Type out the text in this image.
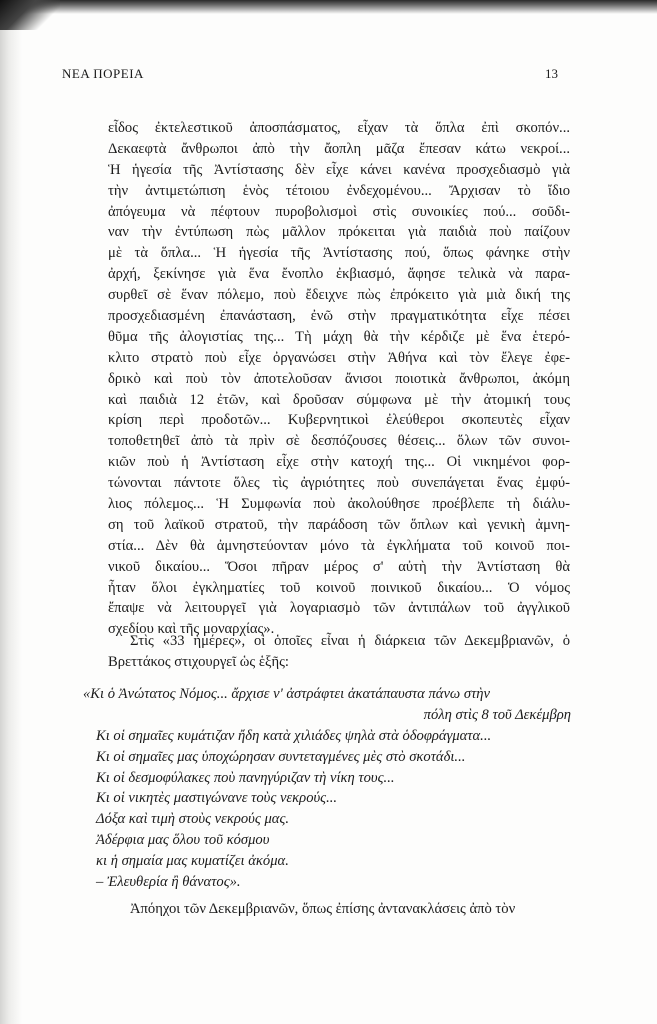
ΝΕΑ ΠΟΡΕΙΑ	13
εἶδος ἐκτελεστικοῦ ἀποσπάσματος, εἶχαν τὰ ὅπλα ἐπὶ σκοπόν...
Δεκαεφτὰ ἄνθρωποι ἀπὸ τὴν ἄοπλη μᾶζα ἔπεσαν κάτω νεκροί...
Ἡ ἡγεσία τῆς Ἀντίστασης δὲν εἶχε κάνει κανένα προσχεδιασμὸ γιὰ
τὴν ἀντιμετώπιση ἑνὸς τέτοιου ἐνδεχομένου... Ἄρχισαν τὸ ἴδιο
ἀπόγευμα νὰ πέφτουν πυροβολισμοὶ στὶς συνοικίες πού... σοῦδι-
ναν τὴν ἐντύπωση πὼς μᾶλλον πρόκειται γιὰ παιδιὰ ποὺ παίζουν
μὲ τὰ ὅπλα... Ἡ ἡγεσία τῆς Ἀντίστασης πού, ὅπως φάνηκε στὴν
ἀρχή, ξεκίνησε γιὰ ἕνα ἔνοπλο ἐκβιασμό, ἄφησε τελικὰ νὰ παρα-
συρθεῖ σὲ ἕναν πόλεμο, ποὺ ἔδειχνε πὼς ἐπρόκειτο γιὰ μιὰ δική της
προσχεδιασμένη ἐπανάσταση, ἐνῶ στὴν πραγματικότητα εἶχε πέσει
θῦμα τῆς ἀλογιστίας της... Τὴ μάχη θὰ τὴν κέρδιζε μὲ ἕνα ἑτερό-
κλιτο στρατὸ ποὺ εἶχε ὀργανώσει στὴν Ἀθήνα καὶ τὸν ἔλεγε ἐφε-
δρικὸ καὶ ποὺ τὸν ἀποτελοῦσαν ἄνισοι ποιοτικὰ ἄνθρωποι, ἀκόμη
καὶ παιδιὰ 12 ἐτῶν, καὶ δροῦσαν σύμφωνα μὲ τὴν ἀτομική τους
κρίση περὶ προδοτῶν... Κυβερνητικοὶ ἐλεύθεροι σκοπευτὲς εἶχαν
τοποθετηθεῖ ἀπὸ τὰ πρὶν σὲ δεσπόζουσες θέσεις... ὅλων τῶν συνοι-
κιῶν ποὺ ἡ Ἀντίσταση εἶχε στὴν κατοχή της... Οἱ νικημένοι φορ-
τώνονται πάντοτε ὅλες τὶς ἀγριότητες ποὺ συνεπάγεται ἕνας ἐμφύ-
λιος πόλεμος... Ἡ Συμφωνία ποὺ ἀκολούθησε προέβλεπε τὴ διάλυ-
ση τοῦ λαϊκοῦ στρατοῦ, τὴν παράδοση τῶν ὅπλων καὶ γενικὴ ἀμνη-
στία... Δὲν θὰ ἀμνηστεύονταν μόνο τὰ ἐγκλήματα τοῦ κοινοῦ ποι-
νικοῦ δικαίου... Ὅσοι πῆραν μέρος σ' αὐτὴ τὴν Ἀντίσταση θὰ
ἦταν ὅλοι ἐγκληματίες τοῦ κοινοῦ ποινικοῦ δικαίου... Ὁ νόμος
ἔπαψε νὰ λειτουργεῖ γιὰ λογαριασμὸ τῶν ἀντιπάλων τοῦ ἀγγλικοῦ
σχεδίου καὶ τῆς μοναρχίας».
Στὶς «33 ἡμέρες», οἱ ὁποῖες εἶναι ἡ διάρκεια τῶν Δεκεμβριανῶν, ὁ
Βρεττάκος στιχουργεῖ ὡς ἑξῆς:
«Κι ὁ Ἀνώτατος Νόμος... ἄρχισε ν' ἀστράφτει ἀκατάπαυστα πάνω στὴν
πόλη στὶς 8 τοῦ Δεκέμβρη
Κι οἱ σημαῖες κυμάτιζαν ἤδη κατὰ χιλιάδες ψηλὰ στὰ ὁδοφράγματα...
Κι οἱ σημαῖες μας ὑποχώρησαν συντεταγμένες μὲς στὸ σκοτάδι...
Κι οἱ δεσμοφύλακες ποὺ πανηγύριζαν τὴ νίκη τους...
Κι οἱ νικητὲς μαστιγώνανε τοὺς νεκρούς...
Δόξα καὶ τιμὴ στοὺς νεκρούς μας.
Ἀδέρφια μας ὅλου τοῦ κόσμου
κι ἡ σημαία μας κυματίζει ἀκόμα.
– Ἐλευθερία ἢ θάνατος».
Ἀπόηχοι τῶν Δεκεμβριανῶν, ὅπως ἐπίσης ἀντανακλάσεις ἀπὸ τὸν
